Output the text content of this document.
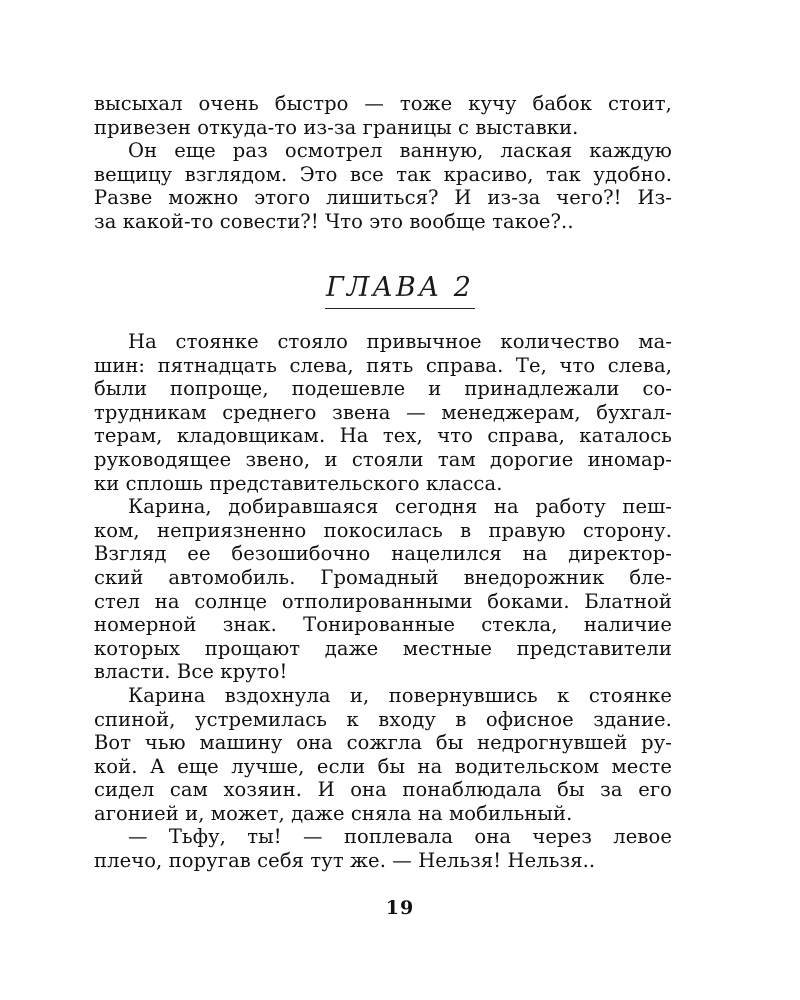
высыхал очень быстро — тоже кучу бабок стоит,
привезен откуда-то из-за границы с выставки.
Он еще раз осмотрел ванную, лаская каждую
вещицу взглядом. Это все так красиво, так удобно.
Разве можно этого лишиться? И из-за чего?! Из-
за какой-то совести?! Что это вообще такое?..
ГЛАВА 2
На стоянке стояло привычное количество ма-
шин: пятнадцать слева, пять справа. Те, что слева,
были попроще, подешевле и принадлежали со-
трудникам среднего звена — менеджерам, бухгал-
терам, кладовщикам. На тех, что справа, каталось
руководящее звено, и стояли там дорогие иномар-
ки сплошь представительского класса.
Карина, добиравшаяся сегодня на работу пеш-
ком, неприязненно покосилась в правую сторону.
Взгляд ее безошибочно нацелился на директор-
ский автомобиль. Громадный внедорожник бле-
стел на солнце отполированными боками. Блатной
номерной знак. Тонированные стекла, наличие
которых прощают даже местные представители
власти. Все круто!
Карина вздохнула и, повернувшись к стоянке
спиной, устремилась к входу в офисное здание.
Вот чью машину она сожгла бы недрогнувшей ру-
кой. А еще лучше, если бы на водительском месте
сидел сам хозяин. И она понаблюдала бы за его
агонией и, может, даже сняла на мобильный.
— Тьфу, ты! — поплевала она через левое
плечо, поругав себя тут же. — Нельзя! Нельзя..
19
